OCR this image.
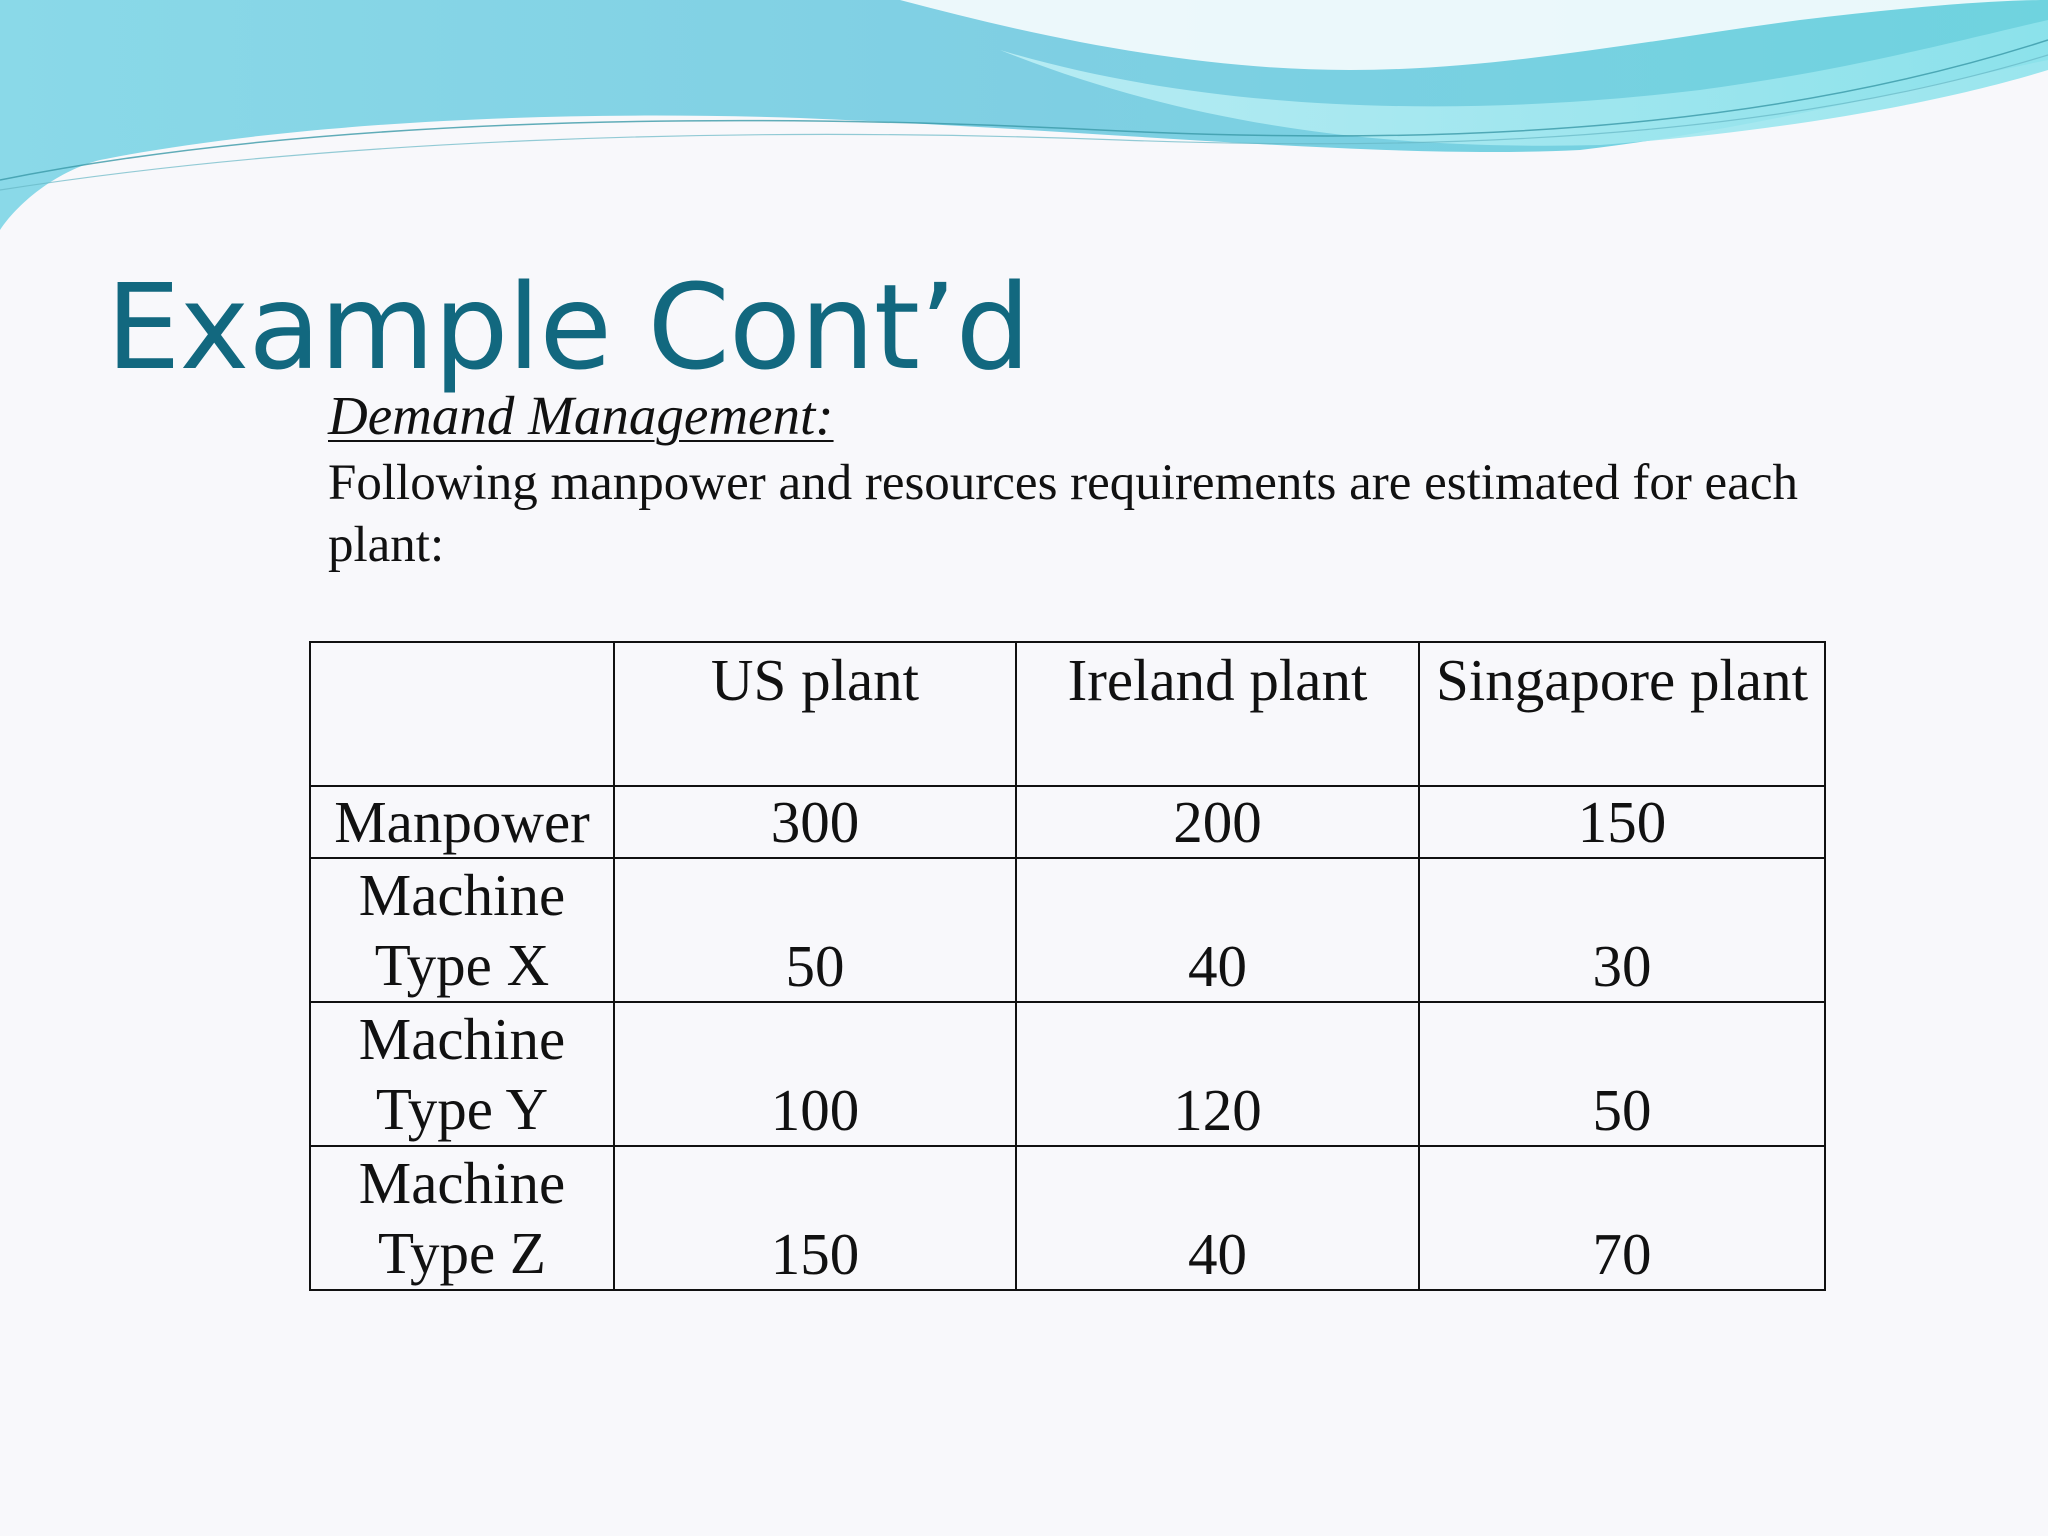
Example Cont’d
Demand Management:

Following manpower and resources requirements are estimated for each plant:

	US plant	Ireland plant	Singapore plant
Manpower	300	200	150
Machine Type X	50	40	30
Machine Type Y	100	120	50
Machine Type Z	150	40	70
